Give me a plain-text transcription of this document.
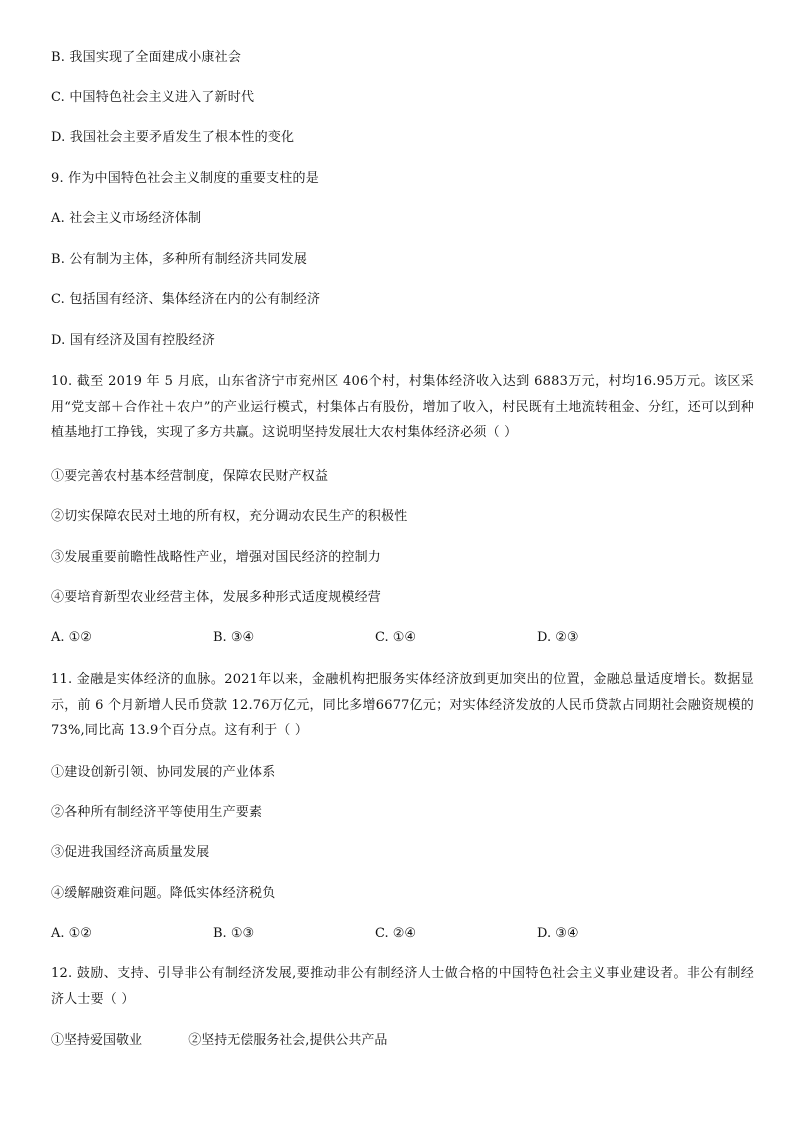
B. 我国实现了全面建成小康社会
C. 中国特色社会主义进入了新时代
D. 我国社会主要矛盾发生了根本性的变化
9. 作为中国特色社会主义制度的重要支柱的是
A. 社会主义市场经济体制
B. 公有制为主体，多种所有制经济共同发展
C. 包括国有经济、集体经济在内的公有制经济
D. 国有经济及国有控股经济
10. 截至 2019 年 5 月底，山东省济宁市兖州区 406个村，村集体经济收入达到 6883万元，村均16.95万元。该区采用“党支部＋合作社＋农户”的产业运行模式，村集体占有股份，增加了收入，村民既有土地流转租金、分红，还可以到种植基地打工挣钱，实现了多方共赢。这说明坚持发展壮大农村集体经济必须（ ）
①要完善农村基本经营制度，保障农民财产权益
②切实保障农民对土地的所有权，充分调动农民生产的积极性
③发展重要前瞻性战略性产业，增强对国民经济的控制力
④要培育新型农业经营主体，发展多种形式适度规模经营
A. ①②	B. ③④	C. ①④	D. ②③
11. 金融是实体经济的血脉。2021年以来，金融机构把服务实体经济放到更加突出的位置，金融总量适度增长。数据显示，前 6 个月新增人民币贷款 12.76万亿元，同比多增6677亿元；对实体经济发放的人民币贷款占同期社会融资规模的73%,同比高 13.9个百分点。这有利于（ ）
①建设创新引领、协同发展的产业体系
②各种所有制经济平等使用生产要素
③促进我国经济高质量发展
④缓解融资难问题。降低实体经济税负
A. ①②	B. ①③	C. ②④	D. ③④
12. 鼓励、支持、引导非公有制经济发展,要推动非公有制经济人士做合格的中国特色社会主义事业建设者。非公有制经济人士要（ ）
①坚持爱国敬业	②坚持无偿服务社会,提供公共产品
